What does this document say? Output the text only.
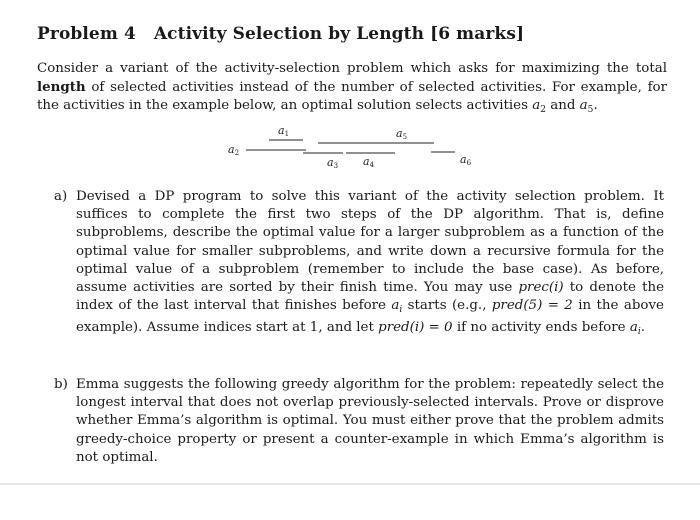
Problem 4 Activity Selection by Length [6 marks]
Consider a variant of the activity-selection problem which asks for maximizing the total length of selected activities instead of the number of selected activities. For example, for the activities in the example below, an optimal solution selects activities $a_2$ and $a_5$.
a1
a2
a3 a4
a5
a6
a) Devised a DP program to solve this variant of the activity selection problem. It suffices to complete the first two steps of the DP algorithm. That is, define subproblems, describe the optimal value for a larger subproblem as a function of the optimal value for smaller subproblems, and write down a recursive formula for the optimal value of a subproblem (remember to include the base case). As before, assume activities are sorted by their finish time. You may use prec(i) to denote the index of the last interval that finishes before $a_i$ starts (e.g., pred(5) = 2 in the above example). Assume indices start at 1, and let pred(i) = 0 if no activity ends before $a_i$.
b) Emma suggests the following greedy algorithm for the problem: repeatedly select the longest interval that does not overlap previously-selected intervals. Prove or disprove whether Emma’s algorithm is optimal. You must either prove that the problem admits greedy-choice property or present a counter-example in which Emma’s algorithm is not optimal.
